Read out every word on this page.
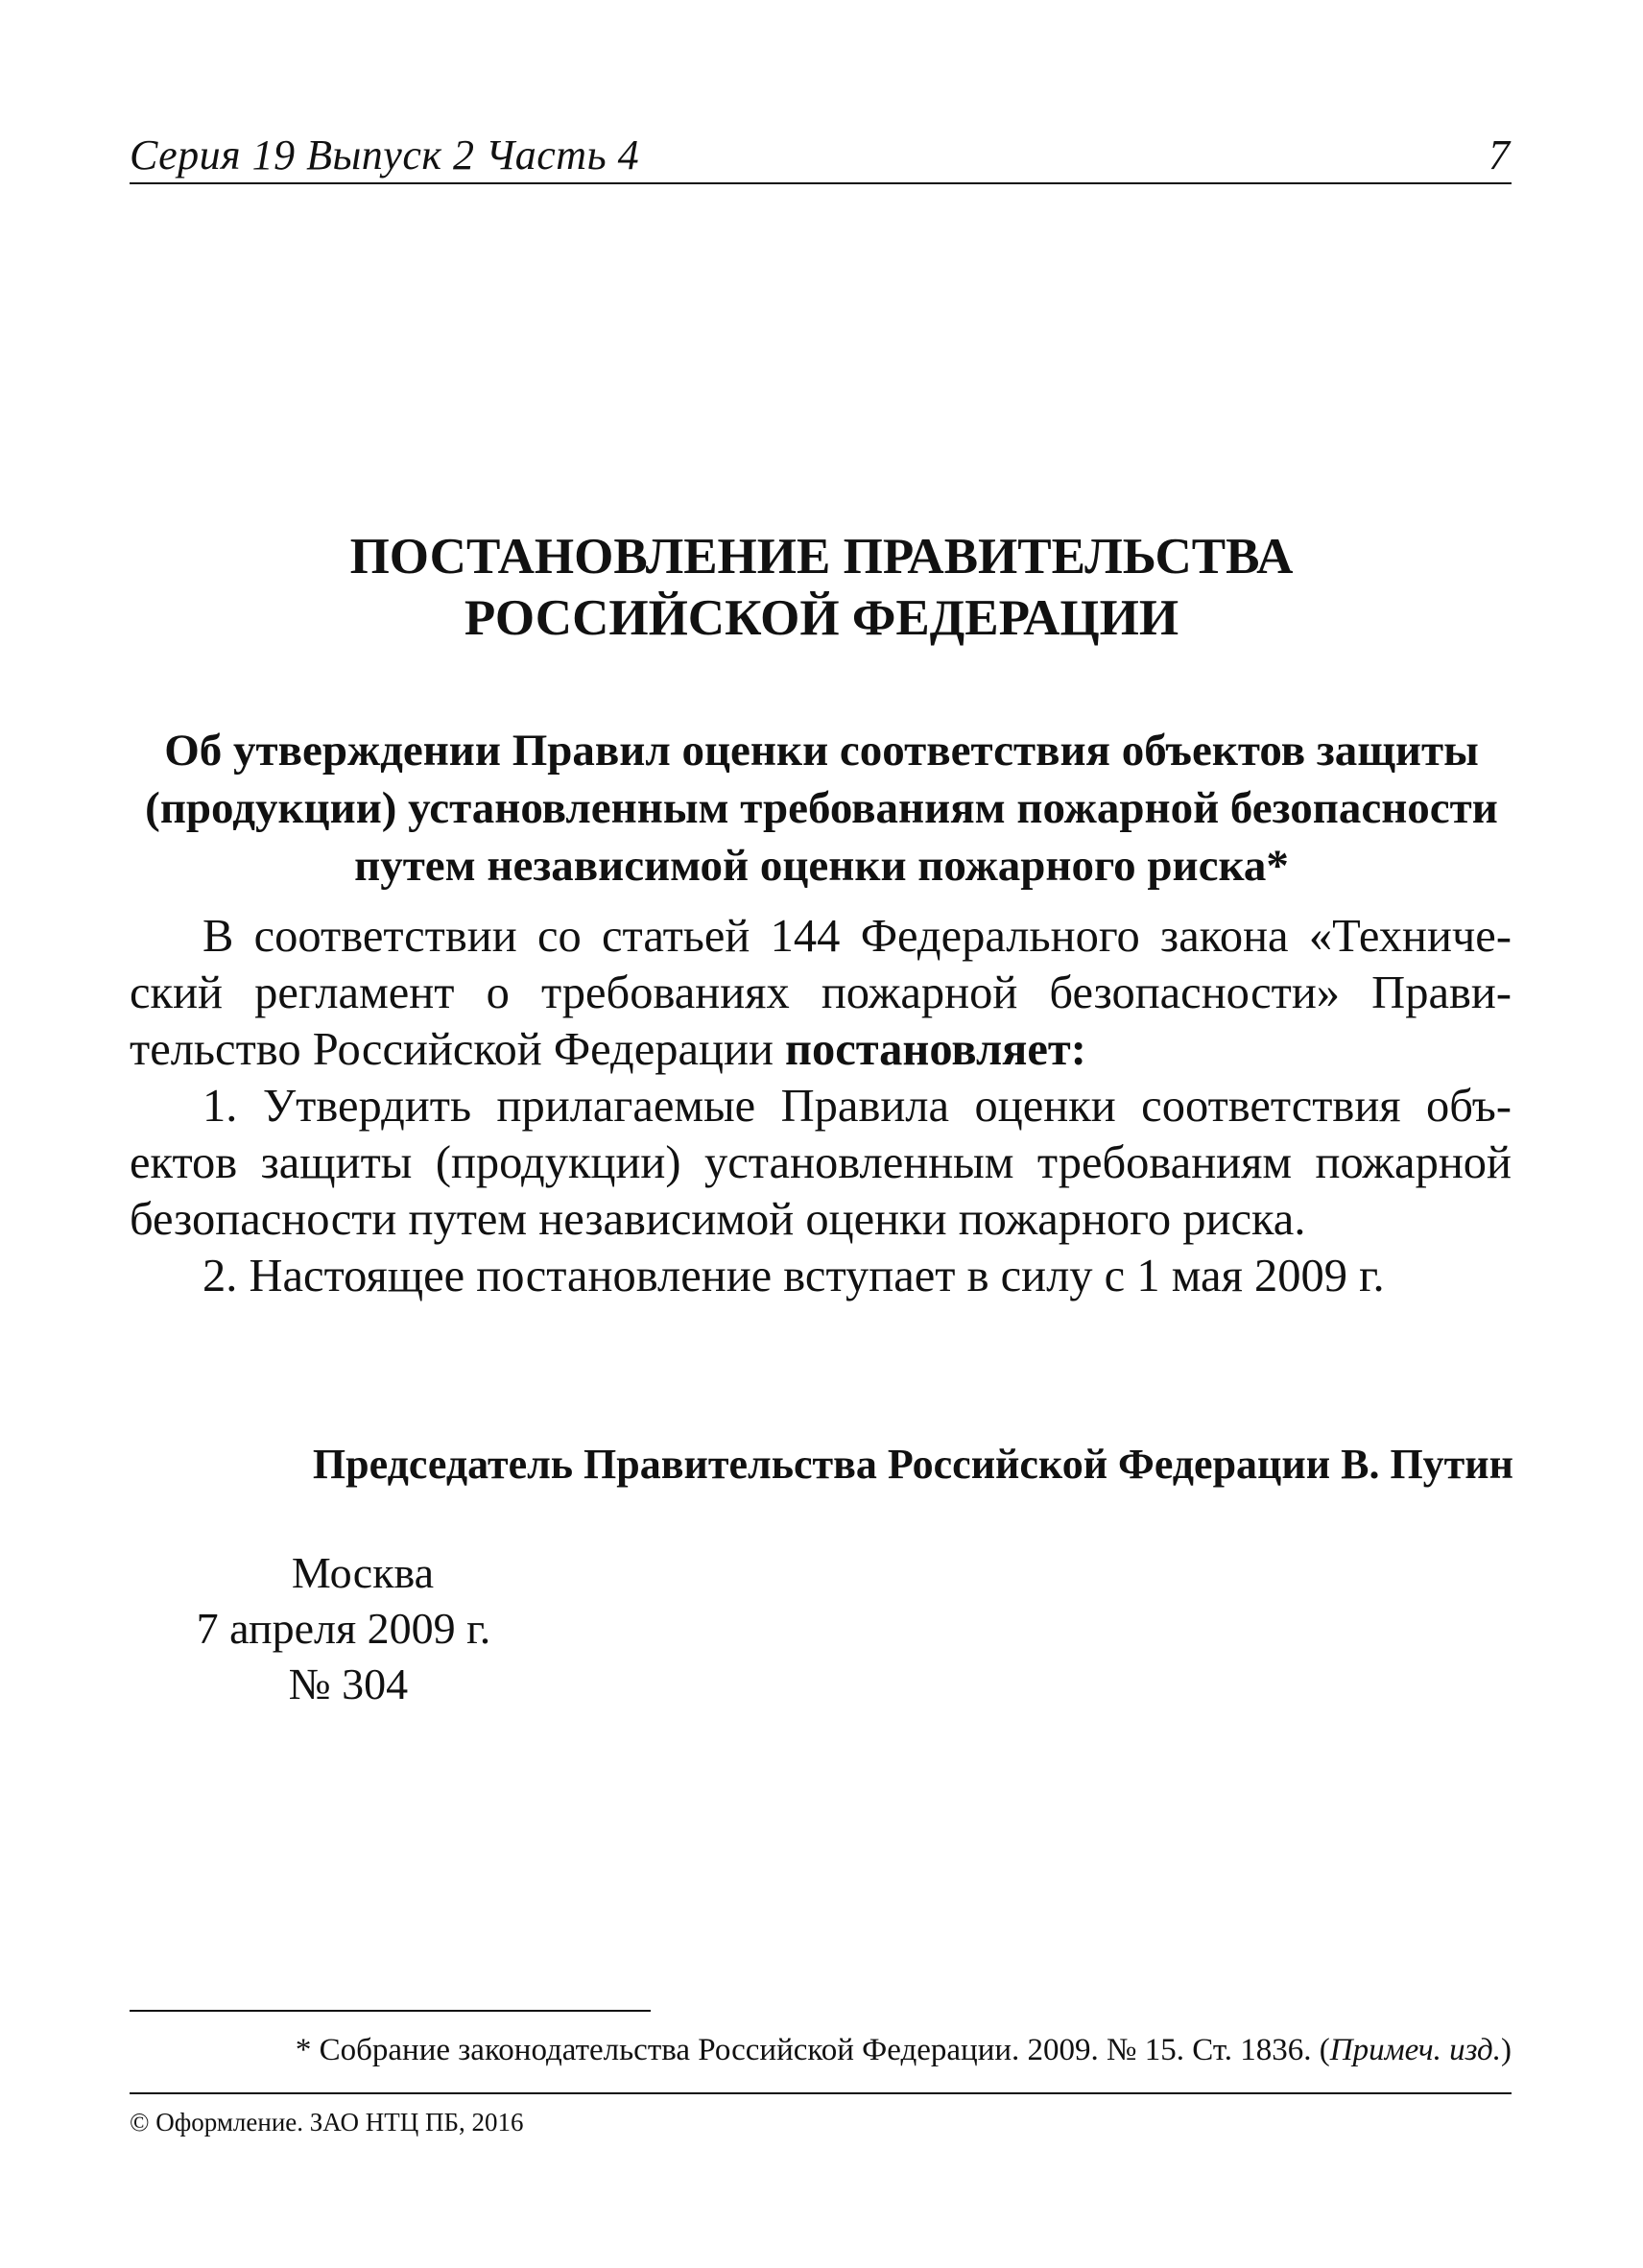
Серия 19 Выпуск 2 Часть 4	7
ПОСТАНОВЛЕНИЕ ПРАВИТЕЛЬСТВА
РОССИЙСКОЙ ФЕДЕРАЦИИ
Об утверждении Правил оценки соответствия объектов защиты
(продукции) установленным требованиям пожарной безопасности
путем независимой оценки пожарного риска*

В соответствии со статьей 144 Федерального закона «Техниче-
ский регламент о требованиях пожарной безопасности» Прави-
тельство Российской Федерации постановляет:

1. Утвердить прилагаемые Правила оценки соответствия объ-
ектов защиты (продукции) установленным требованиям пожарной
безопасности путем независимой оценки пожарного риска.

2. Настоящее постановление вступает в силу с 1 мая 2009 г.

Председатель Правительства Российской Федерации В. Путин
Москва
7 апреля 2009 г.
№ 304
* Собрание законодательства Российской Федерации. 2009. № 15. Ст. 1836. (Примеч. изд.)
© Оформление. ЗАО НТЦ ПБ, 2016
